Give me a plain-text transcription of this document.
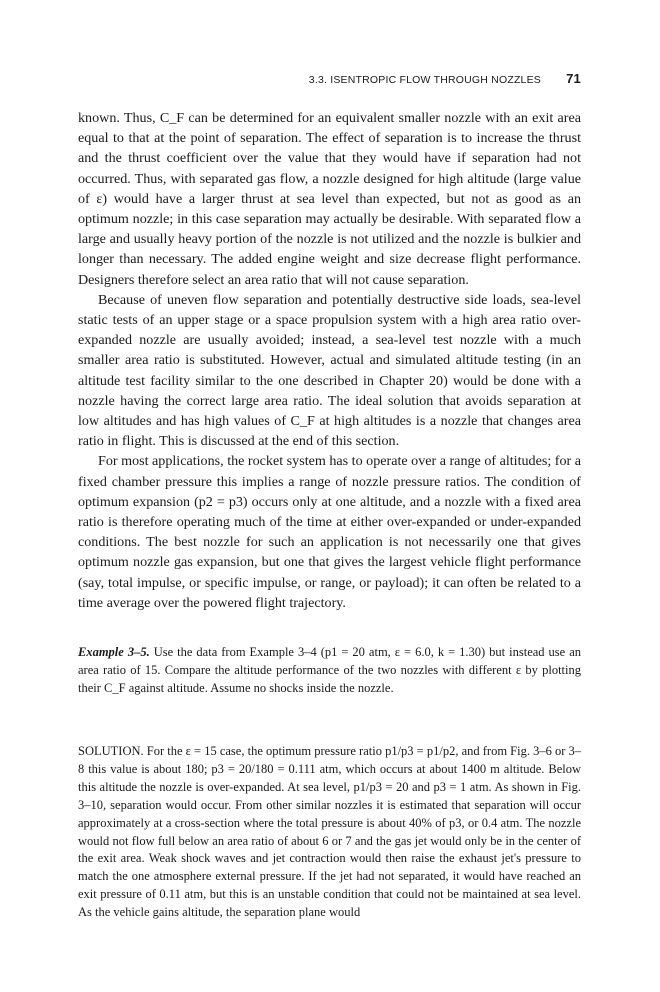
3.3. ISENTROPIC FLOW THROUGH NOZZLES 71

known. Thus, C_F can be determined for an equivalent smaller nozzle with an exit area equal to that at the point of separation. The effect of separation is to increase the thrust and the thrust coefficient over the value that they would have if separation had not occurred. Thus, with separated gas flow, a nozzle designed for high altitude (large value of ε) would have a larger thrust at sea level than expected, but not as good as an optimum nozzle; in this case separation may actually be desirable. With separated flow a large and usually heavy portion of the nozzle is not utilized and the nozzle is bulkier and longer than necessary. The added engine weight and size decrease flight performance. Designers therefore select an area ratio that will not cause separation.

Because of uneven flow separation and potentially destructive side loads, sea-level static tests of an upper stage or a space propulsion system with a high area ratio over-expanded nozzle are usually avoided; instead, a sea-level test nozzle with a much smaller area ratio is substituted. However, actual and simulated altitude testing (in an altitude test facility similar to the one described in Chapter 20) would be done with a nozzle having the correct large area ratio. The ideal solution that avoids separation at low altitudes and has high values of C_F at high altitudes is a nozzle that changes area ratio in flight. This is discussed at the end of this section.

For most applications, the rocket system has to operate over a range of altitudes; for a fixed chamber pressure this implies a range of nozzle pressure ratios. The condition of optimum expansion (p2 = p3) occurs only at one altitude, and a nozzle with a fixed area ratio is therefore operating much of the time at either over-expanded or under-expanded conditions. The best nozzle for such an application is not necessarily one that gives optimum nozzle gas expansion, but one that gives the largest vehicle flight performance (say, total impulse, or specific impulse, or range, or payload); it can often be related to a time average over the powered flight trajectory.

Example 3–5. Use the data from Example 3–4 (p1 = 20 atm, ε = 6.0, k = 1.30) but instead use an area ratio of 15. Compare the altitude performance of the two nozzles with different ε by plotting their C_F against altitude. Assume no shocks inside the nozzle.

SOLUTION. For the ε = 15 case, the optimum pressure ratio p1/p3 = p1/p2, and from Fig. 3–6 or 3–8 this value is about 180; p3 = 20/180 = 0.111 atm, which occurs at about 1400 m altitude. Below this altitude the nozzle is over-expanded. At sea level, p1/p3 = 20 and p3 = 1 atm. As shown in Fig. 3–10, separation would occur. From other similar nozzles it is estimated that separation will occur approximately at a cross-section where the total pressure is about 40% of p3, or 0.4 atm. The nozzle would not flow full below an area ratio of about 6 or 7 and the gas jet would only be in the center of the exit area. Weak shock waves and jet contraction would then raise the exhaust jet's pressure to match the one atmosphere external pressure. If the jet had not separated, it would have reached an exit pressure of 0.11 atm, but this is an unstable condition that could not be maintained at sea level. As the vehicle gains altitude, the separation plane would
